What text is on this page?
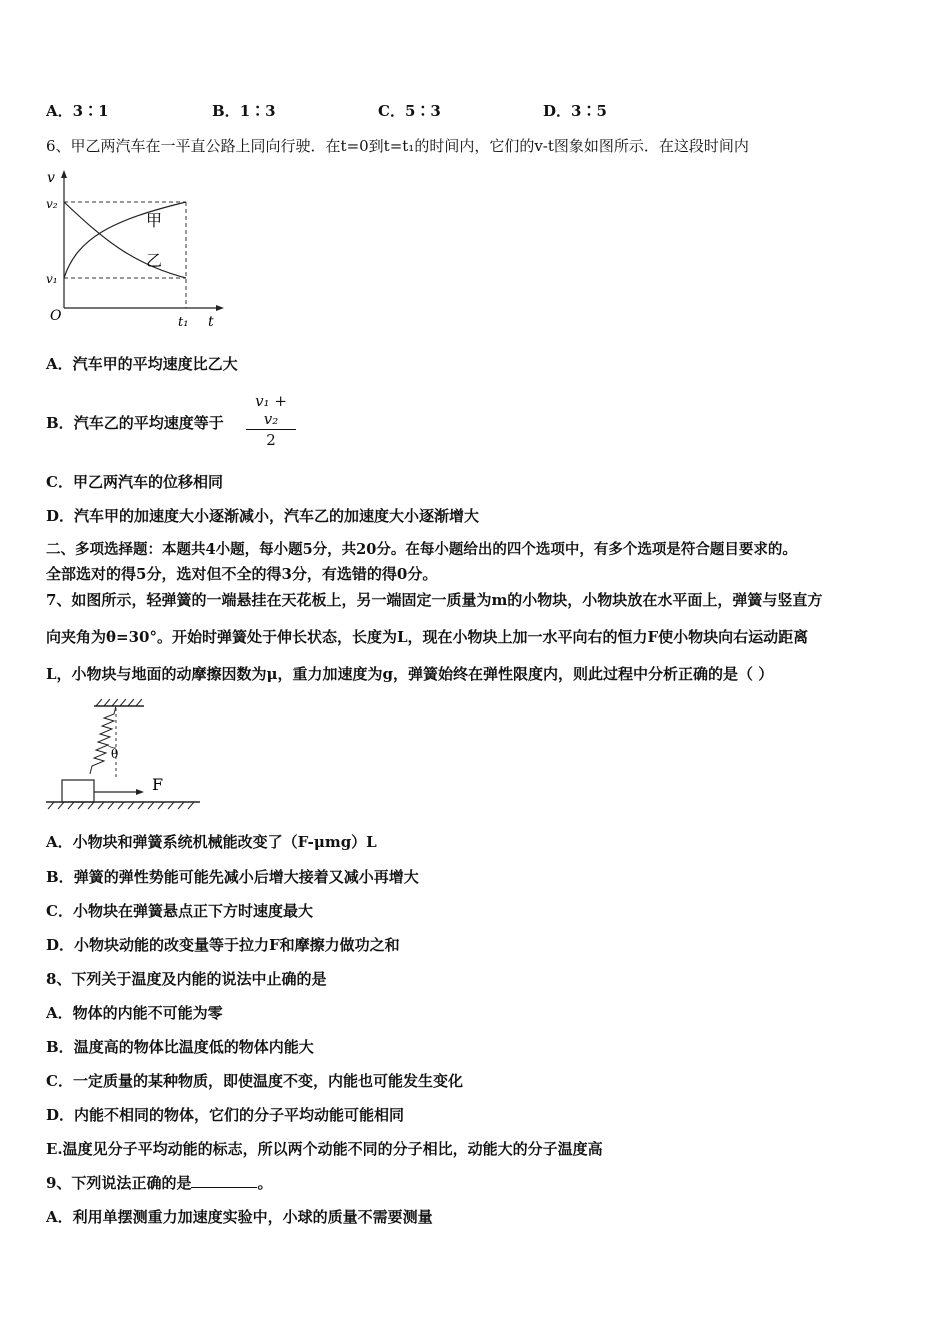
A．3∶1	B．1∶3	C．5∶3	D．3∶5
6、甲乙两汽车在一平直公路上同向行驶．在t=0到t=t₁的时间内，它们的v-t图象如图所示．在这段时间内
v
v₂
v₁
O	t₁ t
甲
乙
A．汽车甲的平均速度比乙大
B．汽车乙的平均速度等于
v₁ + v₂
2
C．甲乙两汽车的位移相同
D．汽车甲的加速度大小逐渐减小，汽车乙的加速度大小逐渐增大
二、多项选择题：本题共4小题，每小题5分，共20分。在每小题给出的四个选项中，有多个选项是符合题目要求的。
全部选对的得5分，选对但不全的得3分，有选错的得0分。
7、如图所示，轻弹簧的一端悬挂在天花板上，另一端固定一质量为m的小物块，小物块放在水平面上，弹簧与竖直方
向夹角为θ=30°。开始时弹簧处于伸长状态，长度为L，现在小物块上加一水平向右的恒力F使小物块向右运动距离
L，小物块与地面的动摩擦因数为μ，重力加速度为g，弹簧始终在弹性限度内，则此过程中分析正确的是（ ）
θ
F
A．小物块和弹簧系统机械能改变了（F-μmg）L
B．弹簧的弹性势能可能先减小后增大接着又减小再增大
C．小物块在弹簧悬点正下方时速度最大
D．小物块动能的改变量等于拉力F和摩擦力做功之和
8、下列关于温度及内能的说法中止确的是
A．物体的内能不可能为零
B．温度高的物体比温度低的物体内能大
C．一定质量的某种物质，即使温度不变，内能也可能发生变化
D．内能不相同的物体，它们的分子平均动能可能相同
E.温度见分子平均动能的标志，所以两个动能不同的分子相比，动能大的分子温度高
9、下列说法正确的是	。
A．利用单摆测重力加速度实验中，小球的质量不需要测量
